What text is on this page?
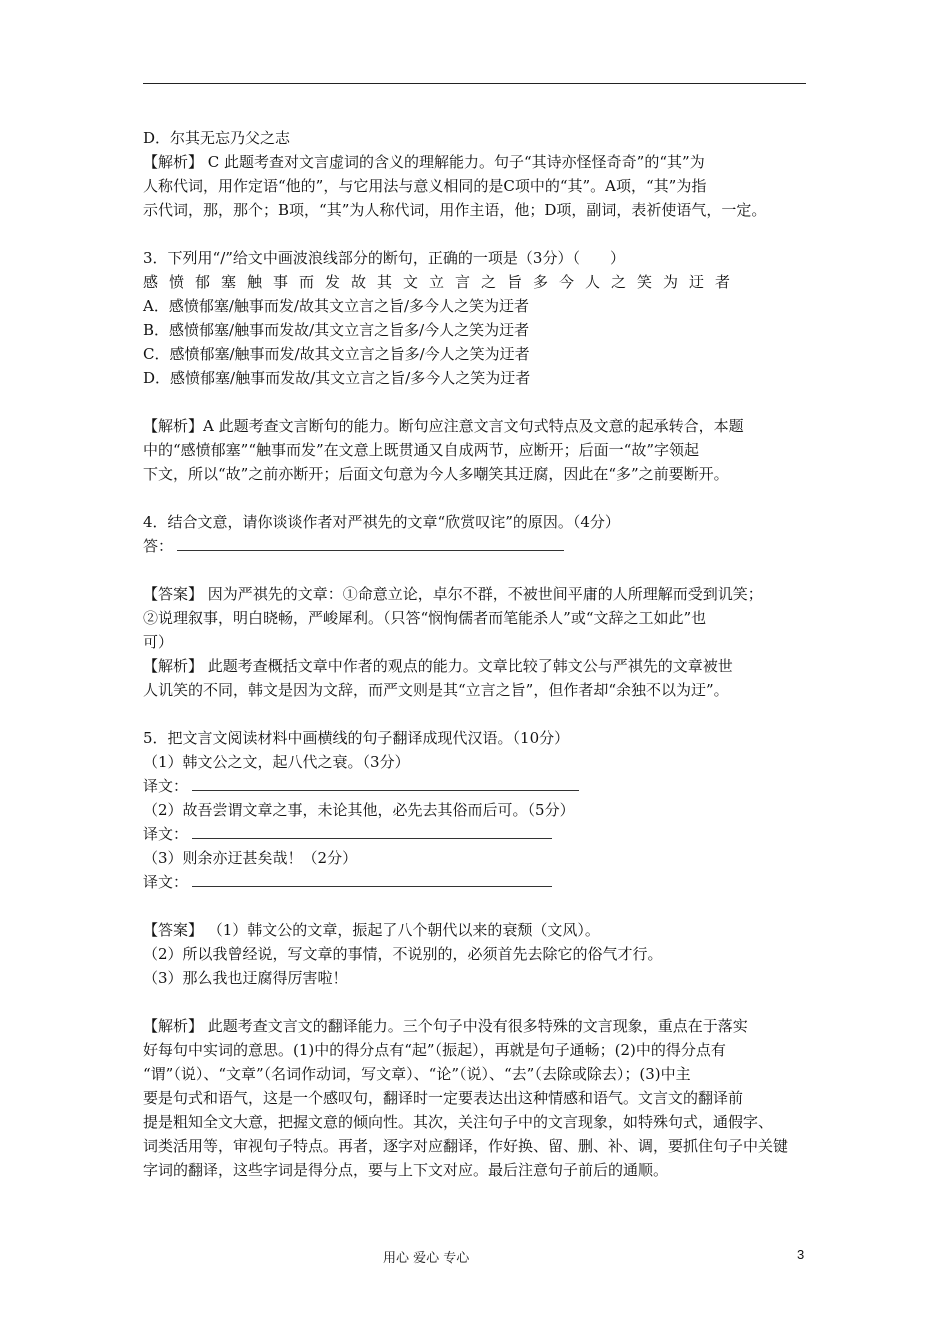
D．尔其无忘乃父之志
【解析】 C 此题考查对文言虚词的含义的理解能力。句子“其诗亦怪怪奇奇”的“其”为
人称代词，用作定语“他的”，与它用法与意义相同的是C项中的“其”。A项，“其”为指
示代词，那，那个；B项，“其”为人称代词，用作主语，他；D项，副词，表祈使语气，一定。
3．下列用“/”给文中画波浪线部分的断句，正确的一项是（3分）（ ）
感愤郁塞触事而发故其文立言之旨多今人之笑为迂者
A．感愤郁塞/触事而发/故其文立言之旨/多今人之笑为迂者
B．感愤郁塞/触事而发故/其文立言之旨多/今人之笑为迂者
C．感愤郁塞/触事而发/故其文立言之旨多/今人之笑为迂者
D．感愤郁塞/触事而发故/其文立言之旨/多今人之笑为迂者
【解析】A 此题考查文言断句的能力。断句应注意文言文句式特点及文意的起承转合，本题
中的“感愤郁塞”“触事而发”在文意上既贯通又自成两节，应断开；后面一“故”字领起
下文，所以“故”之前亦断开；后面文句意为今人多嘲笑其迂腐，因此在“多”之前要断开。
4．结合文意，请你谈谈作者对严祺先的文章“欣赏叹诧”的原因。（4分）
答：
【答案】 因为严祺先的文章：①命意立论，卓尔不群，不被世间平庸的人所理解而受到讥笑；
②说理叙事，明白晓畅，严峻犀利。（只答“悯恂儒者而笔能杀人”或“文辞之工如此”也
可）
【解析】 此题考查概括文章中作者的观点的能力。文章比较了韩文公与严祺先的文章被世
人讥笑的不同，韩文是因为文辞，而严文则是其“立言之旨”，但作者却“余独不以为迂”。
5．把文言文阅读材料中画横线的句子翻译成现代汉语。（10分）
（1）韩文公之文，起八代之衰。（3分）
译文：
（2）故吾尝谓文章之事，未论其他，必先去其俗而后可。（5分）
译文：
（3）则余亦迂甚矣哉！（2分）
译文：
【答案】 （1）韩文公的文章，振起了八个朝代以来的衰颓（文风）。
（2）所以我曾经说，写文章的事情，不说别的，必须首先去除它的俗气才行。
（3）那么我也迂腐得厉害啦！
【解析】 此题考查文言文的翻译能力。三个句子中没有很多特殊的文言现象，重点在于落实
好每句中实词的意思。(1)中的得分点有“起”（振起），再就是句子通畅；(2)中的得分点有
“谓”（说）、“文章”（名词作动词，写文章）、“论”（说）、“去”（去除或除去）；(3)中主
要是句式和语气，这是一个感叹句，翻译时一定要表达出这种情感和语气。文言文的翻译前
提是粗知全文大意，把握文意的倾向性。其次，关注句子中的文言现象，如特殊句式，通假字、
词类活用等，审视句子特点。再者，逐字对应翻译，作好换、留、删、补、调，要抓住句子中关键
字词的翻译，这些字词是得分点，要与上下文对应。最后注意句子前后的通顺。
用心 爱心 专心	3
